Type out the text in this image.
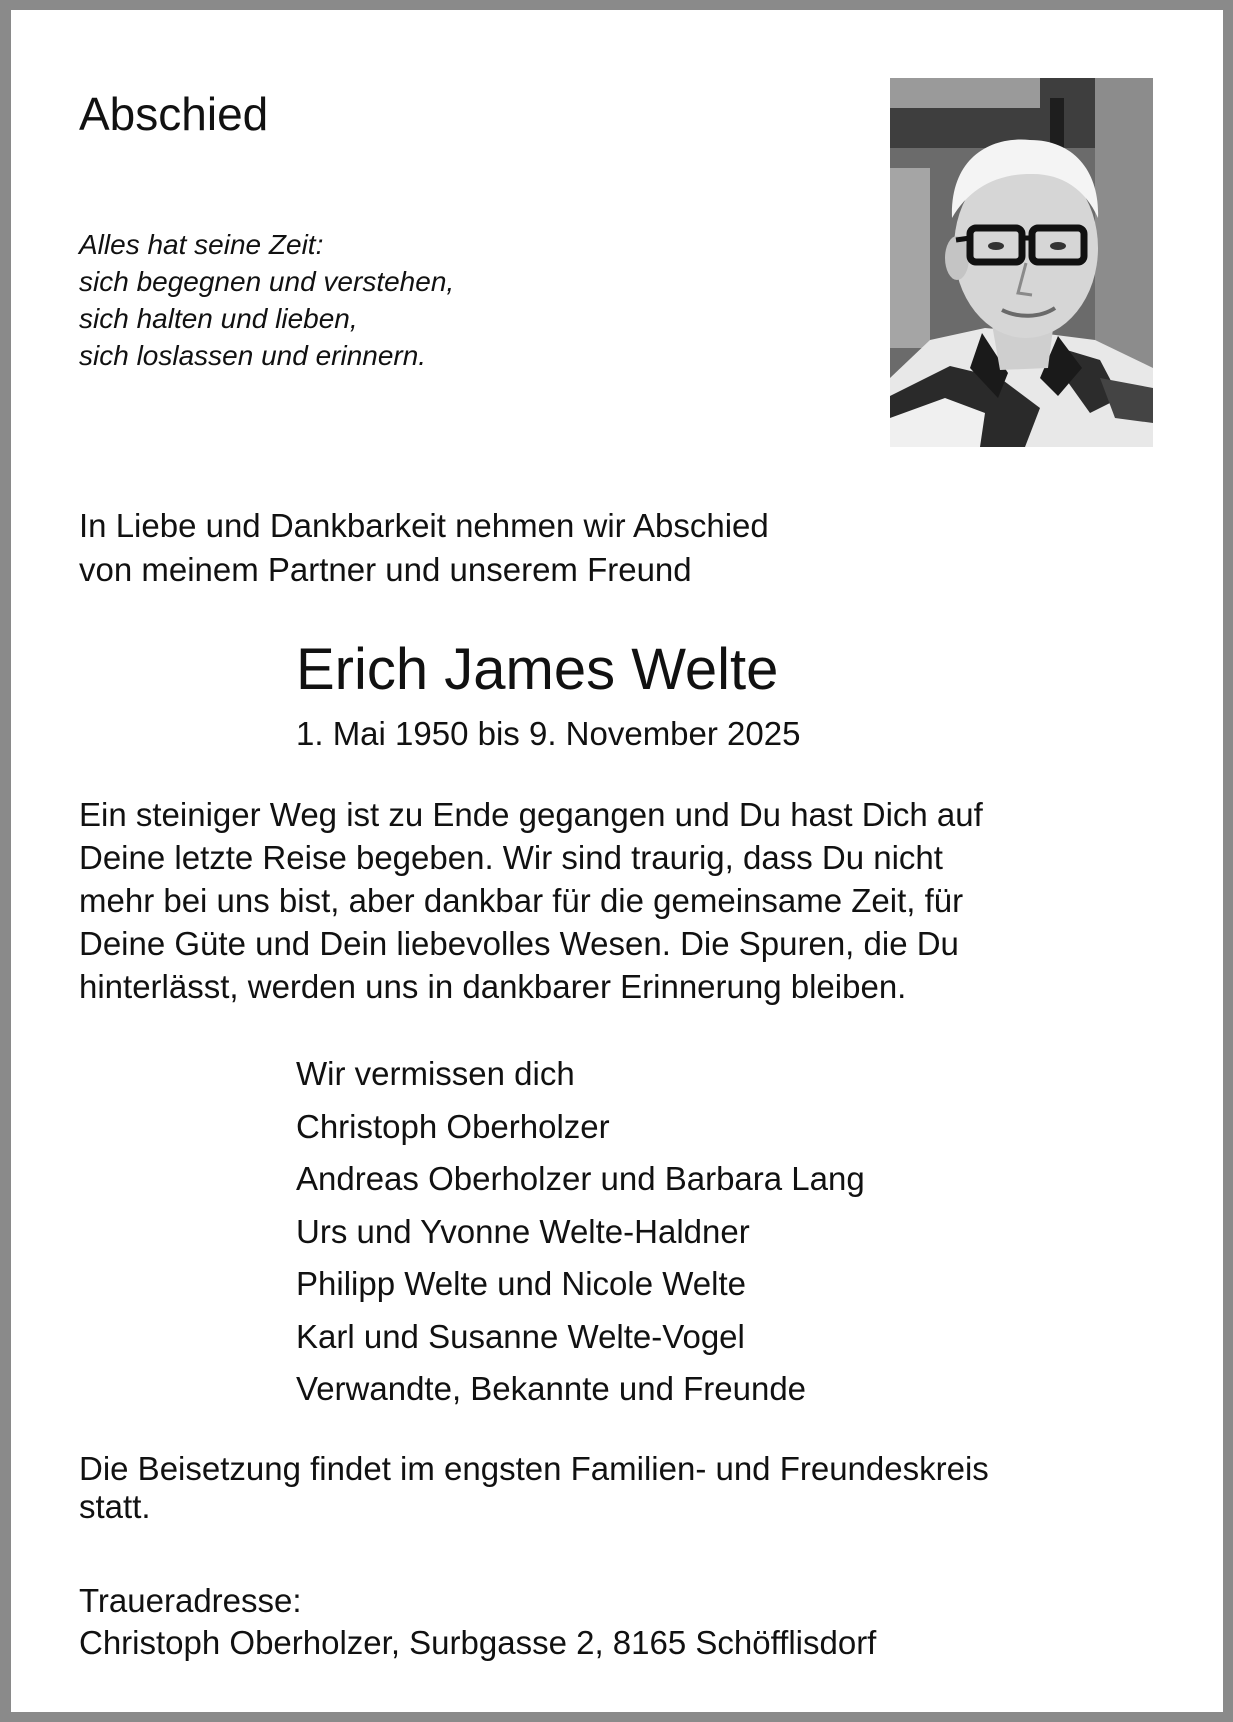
Abschied
Alles hat seine Zeit:
sich begegnen und verstehen,
sich halten und lieben,
sich loslassen und erinnern.
In Liebe und Dankbarkeit nehmen wir Abschied
von meinem Partner und unserem Freund
Erich James Welte
1. Mai 1950 bis 9. November 2025
Ein steiniger Weg ist zu Ende gegangen und Du hast Dich auf
Deine letzte Reise begeben. Wir sind traurig, dass Du nicht
mehr bei uns bist, aber dankbar für die gemeinsame Zeit, für
Deine Güte und Dein liebevolles Wesen. Die Spuren, die Du
hinterlässt, werden uns in dankbarer Erinnerung bleiben.
Wir vermissen dich
Christoph Oberholzer
Andreas Oberholzer und Barbara Lang
Urs und Yvonne Welte-Haldner
Philipp Welte und Nicole Welte
Karl und Susanne Welte-Vogel
Verwandte, Bekannte und Freunde
Die Beisetzung findet im engsten Familien- und Freundeskreis
statt.
Traueradresse:
Christoph Oberholzer, Surbgasse 2, 8165 Schöfflisdorf
